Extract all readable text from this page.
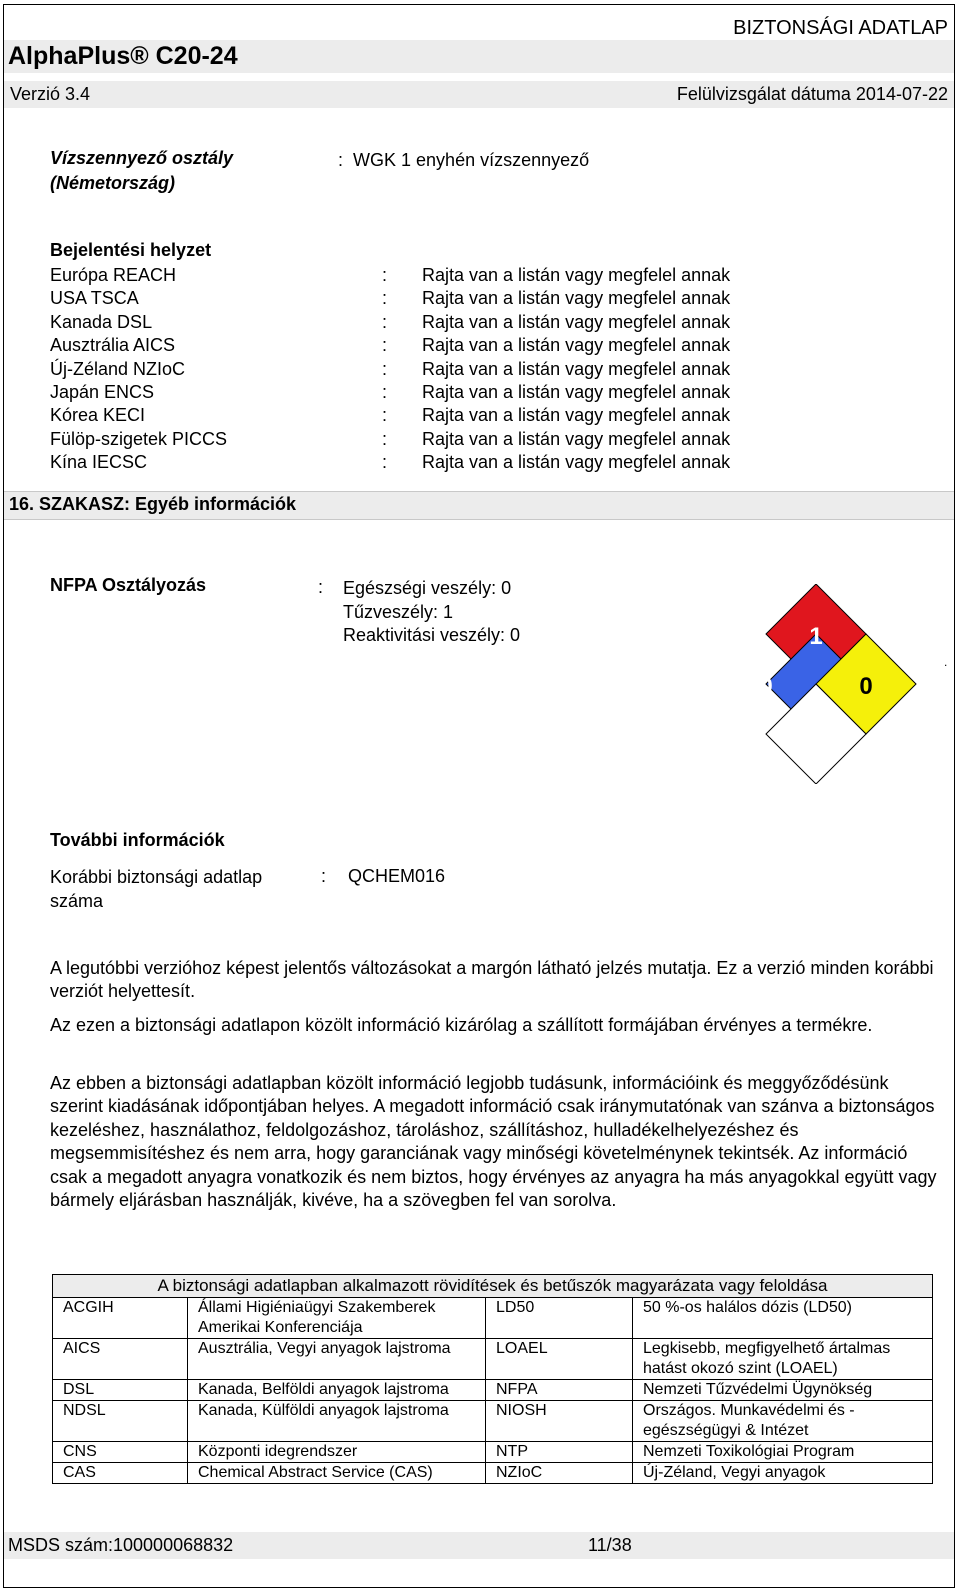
BIZTONSÁGI ADATLAP
AlphaPlus® C20-24
Verzió 3.4	Felülvizsgálat dátuma 2014-07-22
Vízszennyező osztály
(Németország)
: WGK 1 enyhén vízszennyező
Bejelentési helyzet
Európa REACH	: Rajta van a listán vagy megfelel annak
USA TSCA	: Rajta van a listán vagy megfelel annak
Kanada DSL	: Rajta van a listán vagy megfelel annak
Ausztrália AICS	: Rajta van a listán vagy megfelel annak
Új-Zéland NZIoC	: Rajta van a listán vagy megfelel annak
Japán ENCS	: Rajta van a listán vagy megfelel annak
Kórea KECI	: Rajta van a listán vagy megfelel annak
Fülöp-szigetek PICCS	: Rajta van a listán vagy megfelel annak
Kína IECSC	: Rajta van a listán vagy megfelel annak
16. SZAKASZ: Egyéb információk
NFPA Osztályozás	: Egészségi veszély: 0
Tűzveszély: 1
Reaktivitási veszély: 0	1
0	0
.
További információk
Korábbi biztonsági adatlap
száma
: QCHEM016
A legutóbbi verzióhoz képest jelentős változásokat a margón látható jelzés mutatja. Ez a verzió minden korábbi verziót helyettesít.
Az ezen a biztonsági adatlapon közölt információ kizárólag a szállított formájában érvényes a termékre.
Az ebben a biztonsági adatlapban közölt információ legjobb tudásunk, információink és meggyőződésünk szerint kiadásának időpontjában helyes. A megadott információ csak iránymutatónak van szánva a biztonságos kezeléshez, használathoz, feldolgozáshoz, tároláshoz, szállításhoz, hulladékelhelyezéshez és megsemmisítéshez és nem arra, hogy garanciának vagy minőségi követelménynek tekintsék. Az információ csak a megadott anyagra vonatkozik és nem biztos, hogy érvényes az anyagra ha más anyagokkal együtt vagy bármely eljárásban használják, kivéve, ha a szövegben fel van sorolva.
A biztonsági adatlapban alkalmazott rövidítések és betűszók magyarázata vagy feloldása			
ACGIH	Állami Higiéniaügyi Szakemberek Amerikai Konferenciája	LD50	50 %-os halálos dózis (LD50)
AICS	Ausztrália, Vegyi anyagok lajstroma	LOAEL	Legkisebb, megfigyelhető ártalmas hatást okozó szint (LOAEL)
DSL	Kanada, Belföldi anyagok lajstroma	NFPA	Nemzeti Tűzvédelmi Ügynökség
NDSL	Kanada, Külföldi anyagok lajstroma	NIOSH	Országos. Munkavédelmi és - egészségügyi & Intézet
CNS	Központi idegrendszer	NTP	Nemzeti Toxikológiai Program
CAS	Chemical Abstract Service (CAS)	NZIoC	Új-Zéland, Vegyi anyagok
MSDS szám:100000068832	11/38
